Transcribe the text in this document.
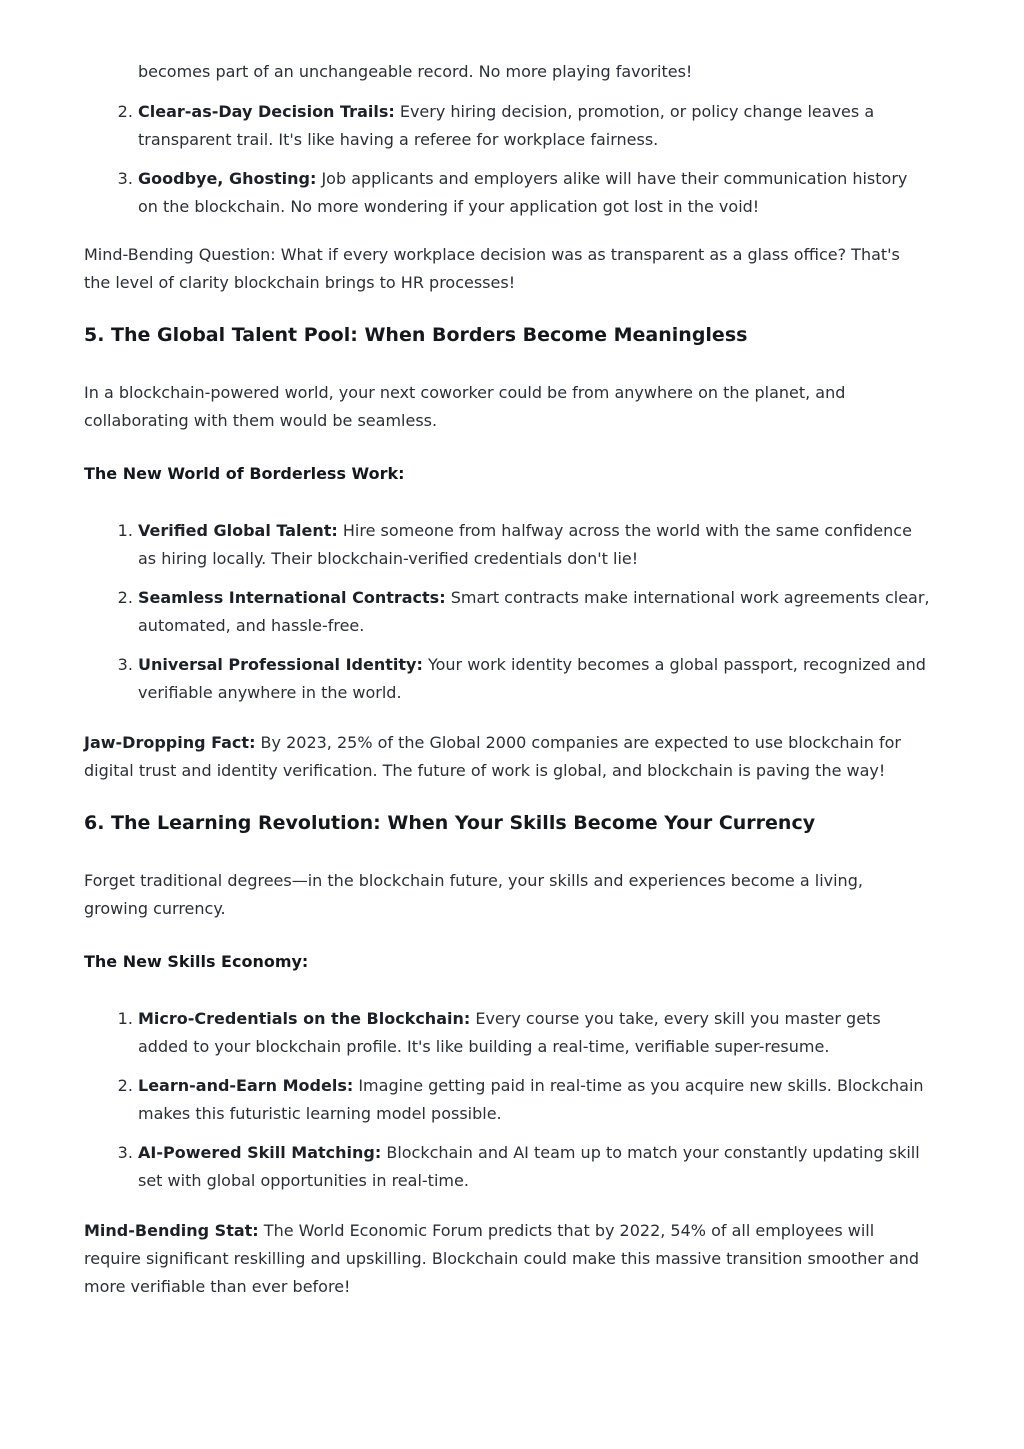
becomes part of an unchangeable record. No more playing favorites!

2. Clear-as-Day Decision Trails: Every hiring decision, promotion, or policy change leaves a transparent trail. It's like having a referee for workplace fairness.
3. Goodbye, Ghosting: Job applicants and employers alike will have their communication history on the blockchain. No more wondering if your application got lost in the void!

Mind-Bending Question: What if every workplace decision was as transparent as a glass office? That's the level of clarity blockchain brings to HR processes!

5. The Global Talent Pool: When Borders Become Meaningless

In a blockchain-powered world, your next coworker could be from anywhere on the planet, and collaborating with them would be seamless.

The New World of Borderless Work:
1. Verified Global Talent: Hire someone from halfway across the world with the same confidence as hiring locally. Their blockchain-verified credentials don't lie!
2. Seamless International Contracts: Smart contracts make international work agreements clear, automated, and hassle-free.
3. Universal Professional Identity: Your work identity becomes a global passport, recognized and verifiable anywhere in the world.

Jaw-Dropping Fact: By 2023, 25% of the Global 2000 companies are expected to use blockchain for digital trust and identity verification. The future of work is global, and blockchain is paving the way!

6. The Learning Revolution: When Your Skills Become Your Currency

Forget traditional degrees—in the blockchain future, your skills and experiences become a living, growing currency.

The New Skills Economy:
1. Micro-Credentials on the Blockchain: Every course you take, every skill you master gets added to your blockchain profile. It's like building a real-time, verifiable super-resume.
2. Learn-and-Earn Models: Imagine getting paid in real-time as you acquire new skills. Blockchain makes this futuristic learning model possible.
3. AI-Powered Skill Matching: Blockchain and AI team up to match your constantly updating skill set with global opportunities in real-time.

Mind-Bending Stat: The World Economic Forum predicts that by 2022, 54% of all employees will require significant reskilling and upskilling. Blockchain could make this massive transition smoother and more verifiable than ever before!
